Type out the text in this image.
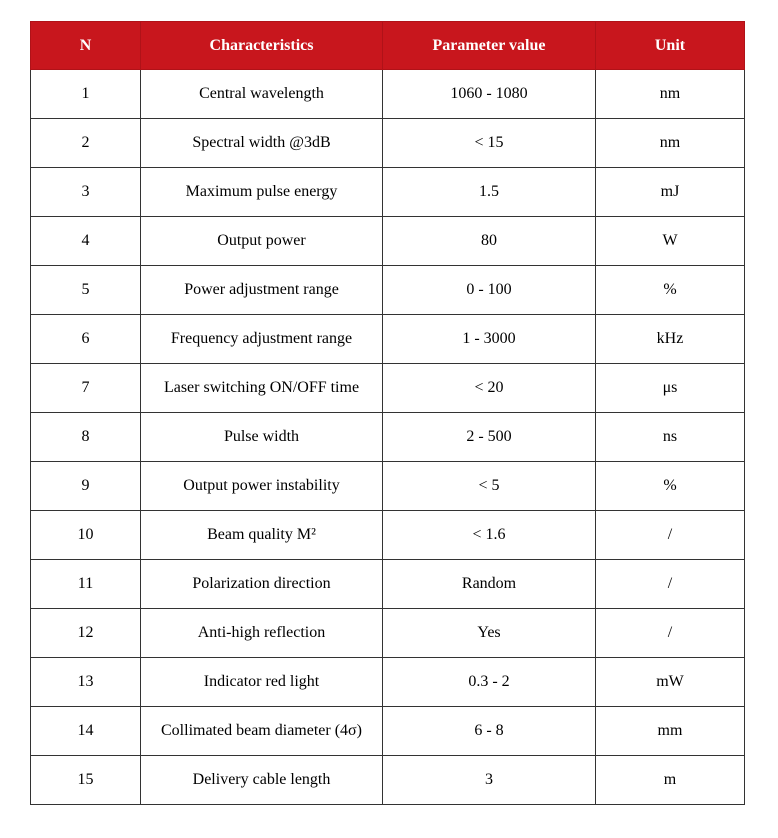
N	Characteristics	Parameter value	Unit
1	Central wavelength	1060 - 1080	nm
2	Spectral width @3dB	< 15	nm
3	Maximum pulse energy	1.5	mJ
4	Output power	80	W
5	Power adjustment range	0 - 100	%
6	Frequency adjustment range	1 - 3000	kHz
7	Laser switching ON/OFF time	< 20	μs
8	Pulse width	2 - 500	ns
9	Output power instability	< 5	%
10	Beam quality M²	< 1.6	/
11	Polarization direction	Random	/
12	Anti-high reflection	Yes	/
13	Indicator red light	0.3 - 2	mW
14	Collimated beam diameter (4σ)	6 - 8	mm
15	Delivery cable length	3	m
